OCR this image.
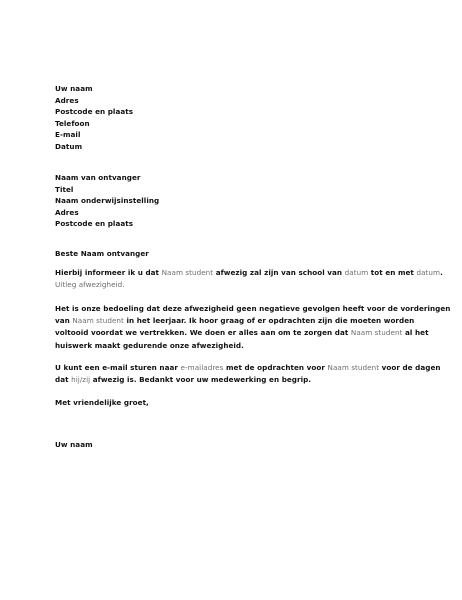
Uw naam
Adres
Postcode en plaats
Telefoon
E-mail
Datum
Naam van ontvanger
Titel
Naam onderwijsinstelling
Adres
Postcode en plaats
Beste Naam ontvanger
Hierbij informeer ik u dat Naam student afwezig zal zijn van school van datum tot en met datum.
Uitleg afwezigheid.
Het is onze bedoeling dat deze afwezigheid geen negatieve gevolgen heeft voor de vorderingen
van Naam student in het leerjaar. Ik hoor graag of er opdrachten zijn die moeten worden
voltooid voordat we vertrekken. We doen er alles aan om te zorgen dat Naam student al het
huiswerk maakt gedurende onze afwezigheid.
U kunt een e-mail sturen naar e-mailadres met de opdrachten voor Naam student voor de dagen
dat hij/zij afwezig is. Bedankt voor uw medewerking en begrip.
Met vriendelijke groet,
Uw naam
